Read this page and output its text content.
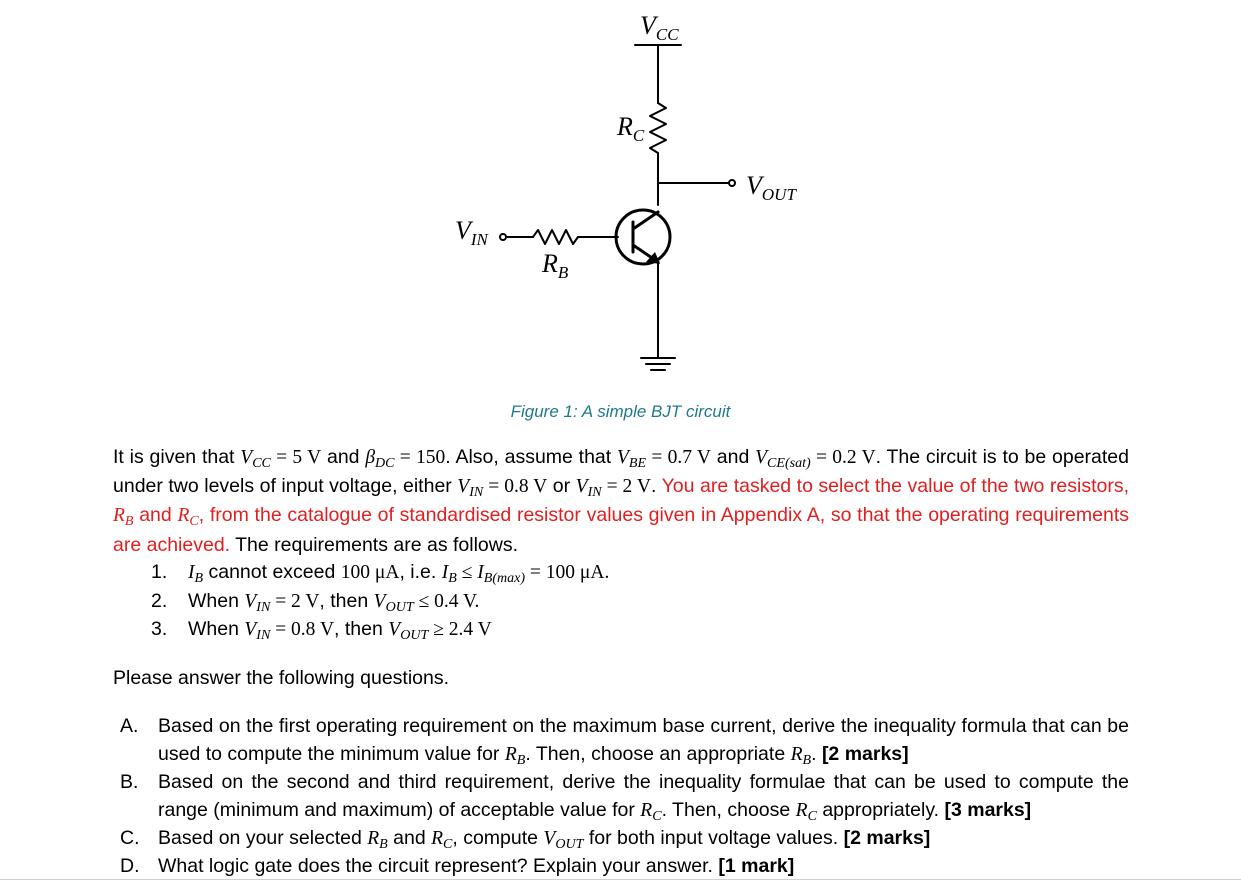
$V_{CC}$
$R_C$
$V_{OUT}$
$V_{IN}$
$R_B$
Figure 1: A simple BJT circuit
It is given that $V_{CC} = 5$ V and $\beta_{DC} = 150$. Also, assume that $V_{BE} = 0.7$ V and $V_{CE(sat)} = 0.2$ V. The circuit is to be operated under two levels of input voltage, either $V_{IN} = 0.8$ V or $V_{IN} = 2$ V. You are tasked to select the value of the two resistors, $R_B$ and $R_C$, from the catalogue of standardised resistor values given in Appendix A, so that the operating requirements are achieved. The requirements are as follows.
1. $I_B$ cannot exceed 100 μA, i.e. $I_B \le I_{B(max)} = 100$ μA.
2. When $V_{IN} = 2$ V, then $V_{OUT} \le 0.4$ V.
3. When $V_{IN} = 0.8$ V, then $V_{OUT} \ge 2.4$ V
Please answer the following questions.
A. Based on the first operating requirement on the maximum base current, derive the inequality formula that can be used to compute the minimum value for $R_B$. Then, choose an appropriate $R_B$. [2 marks]
B. Based on the second and third requirement, derive the inequality formulae that can be used to compute the range (minimum and maximum) of acceptable value for $R_C$. Then, choose $R_C$ appropriately. [3 marks]
C. Based on your selected $R_B$ and $R_C$, compute $V_{OUT}$ for both input voltage values. [2 marks]
D. What logic gate does the circuit represent? Explain your answer. [1 mark]
